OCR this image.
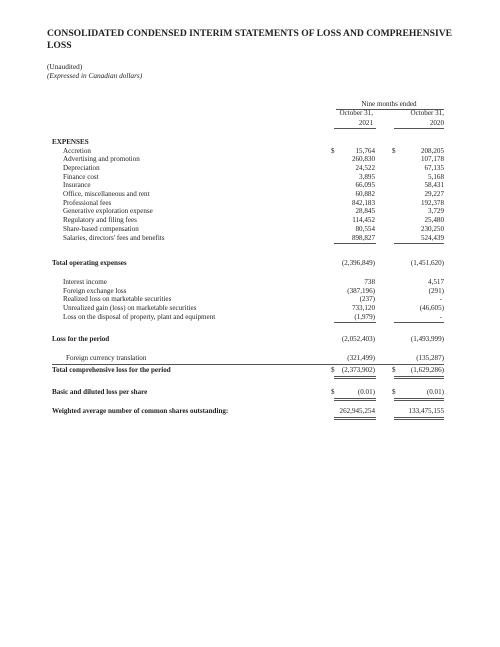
CONSOLIDATED CONDENSED INTERIM STATEMENTS OF LOSS AND COMPREHENSIVE LOSS
(Unaudited)
(Expressed in Canadian dollars)
Nine months ended
October 31,
2021
October 31,
2020
EXPENSES
Accretion	$	15,764 $	208,205
Advertising and promotion	260,830	107,178
Depreciation	24,522	67,135
Finance cost	3,895	5,168
Insurance	66,095	58,431
Office, miscellaneous and rent	60,882	29,227
Professional fees	842,183	192,378
Generative exploration expense	28,845	3,729
Regulatory and filing fees	114,452	25,480
Share-based compensation	80,554	230,250
Salaries, directors' fees and benefits	898,827	524,439
Total operating expenses	(2,396,849)	(1,451,620)
Interest income	738	4,517
Foreign exchange loss	(387,196)	(291)
Realized loss on marketable securities	(237)	-
Unrealized gain (loss) on marketable securities	733,120	(46,605)
Loss on the disposal of property, plant and equipment	(1,979)	-
Loss for the period	(2,052,403)	(1,493,999)
Foreign currency translation	(321,499)	(135,287)
Total comprehensive loss for the period	$ (2,373,902) $ (1,629,286)
Basic and diluted loss per share	$	(0.01) $	(0.01)
Weighted average number of common shares outstanding:	262,945,254	133,475,155
